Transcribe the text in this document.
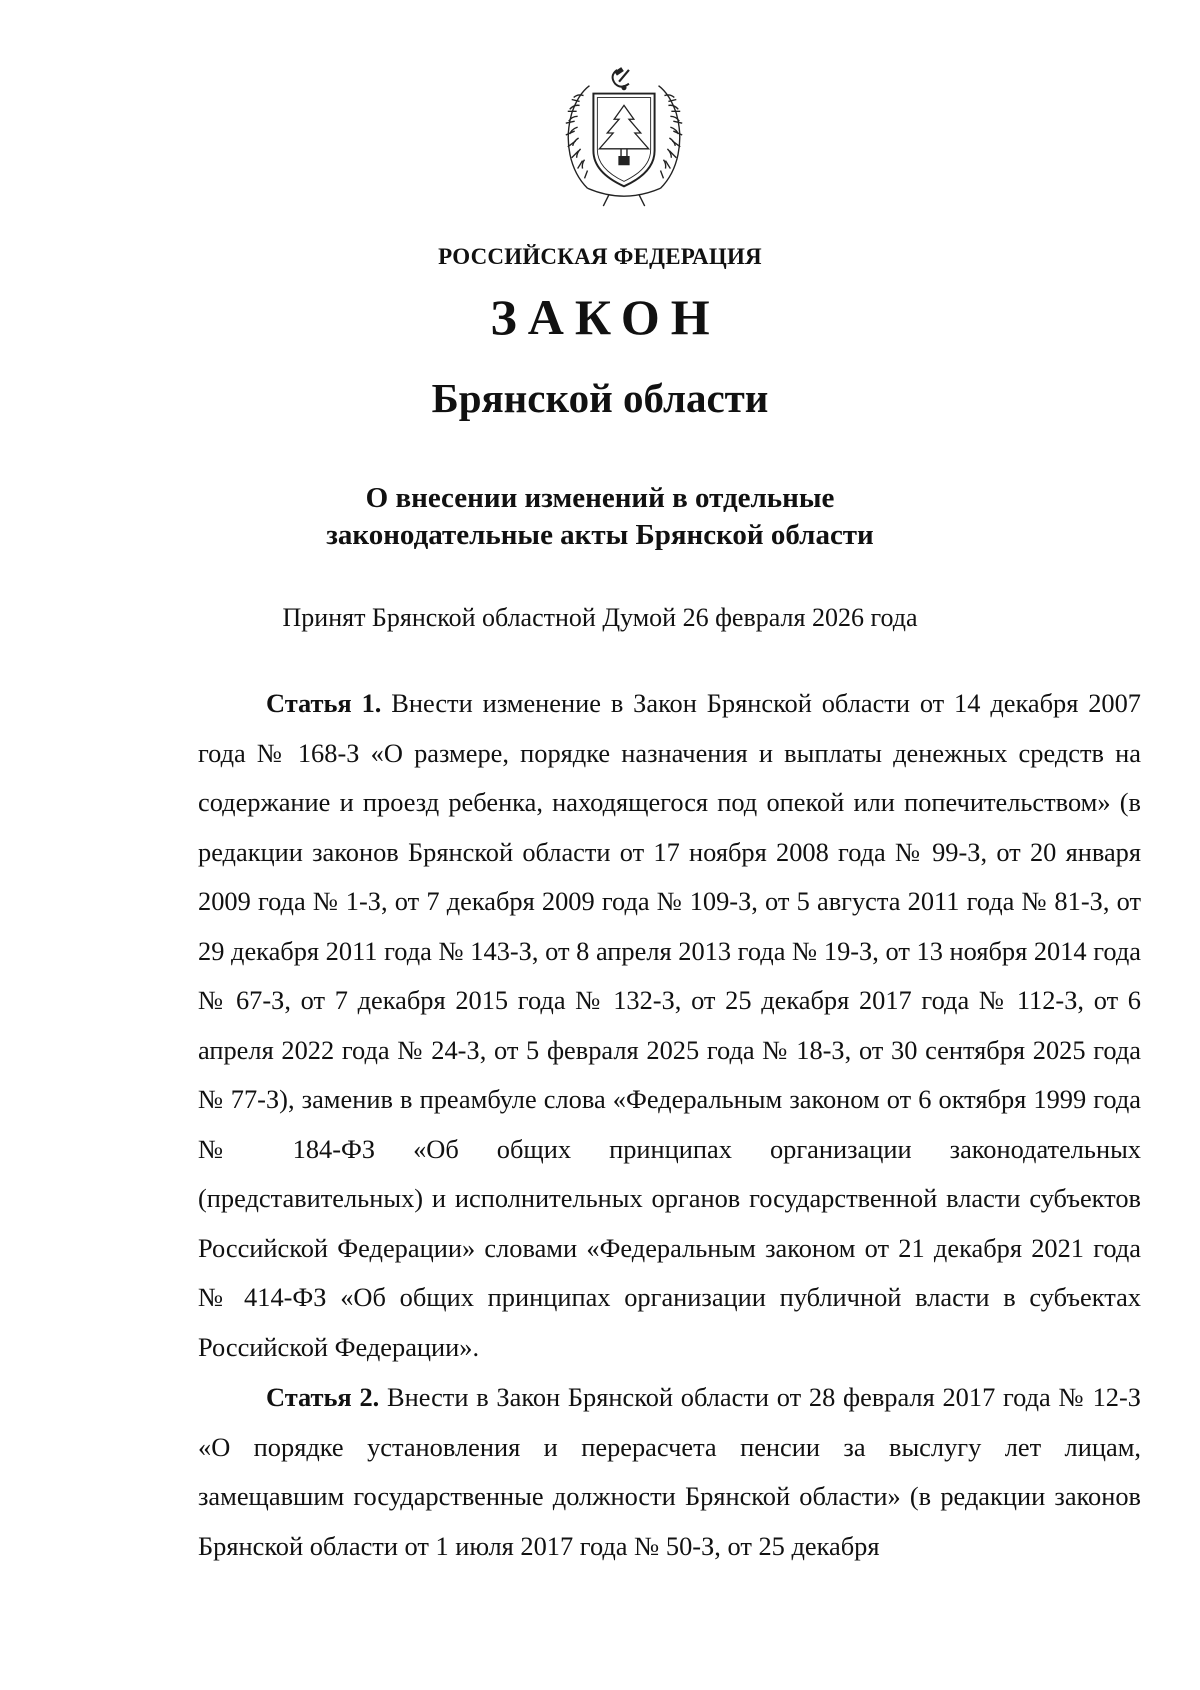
РОССИЙСКАЯ ФЕДЕРАЦИЯ
ЗАКОН
Брянской области
О внесении изменений в отдельные
законодательные акты Брянской области
Принят Брянской областной Думой 26 февраля 2026 года

Статья 1. Внести изменение в Закон Брянской области от 14 декабря 2007 года № 168-З «О размере, порядке назначения и выплаты денежных средств на содержание и проезд ребенка, находящегося под опекой или попечительством» (в редакции законов Брянской области от 17 ноября 2008 года № 99-З, от 20 января 2009 года № 1-З, от 7 декабря 2009 года № 109-З, от 5 августа 2011 года № 81-З, от 29 декабря 2011 года № 143-З, от 8 апреля 2013 года № 19-З, от 13 ноября 2014 года № 67-З, от 7 декабря 2015 года № 132-З, от 25 декабря 2017 года № 112-З, от 6 апреля 2022 года № 24-З, от 5 февраля 2025 года № 18-З, от 30 сентября 2025 года № 77-З), заменив в преамбуле слова «Федеральным законом от 6 октября 1999 года № 184-ФЗ «Об общих принципах организации законодательных (представительных) и исполнительных органов государственной власти субъектов Российской Федерации» словами «Федеральным законом от 21 декабря 2021 года № 414-ФЗ «Об общих принципах организации публичной власти в субъектах Российской Федерации».

Статья 2. Внести в Закон Брянской области от 28 февраля 2017 года № 12-З «О порядке установления и перерасчета пенсии за выслугу лет лицам, замещавшим государственные должности Брянской области» (в редакции законов Брянской области от 1 июля 2017 года № 50-З, от 25 декабря
